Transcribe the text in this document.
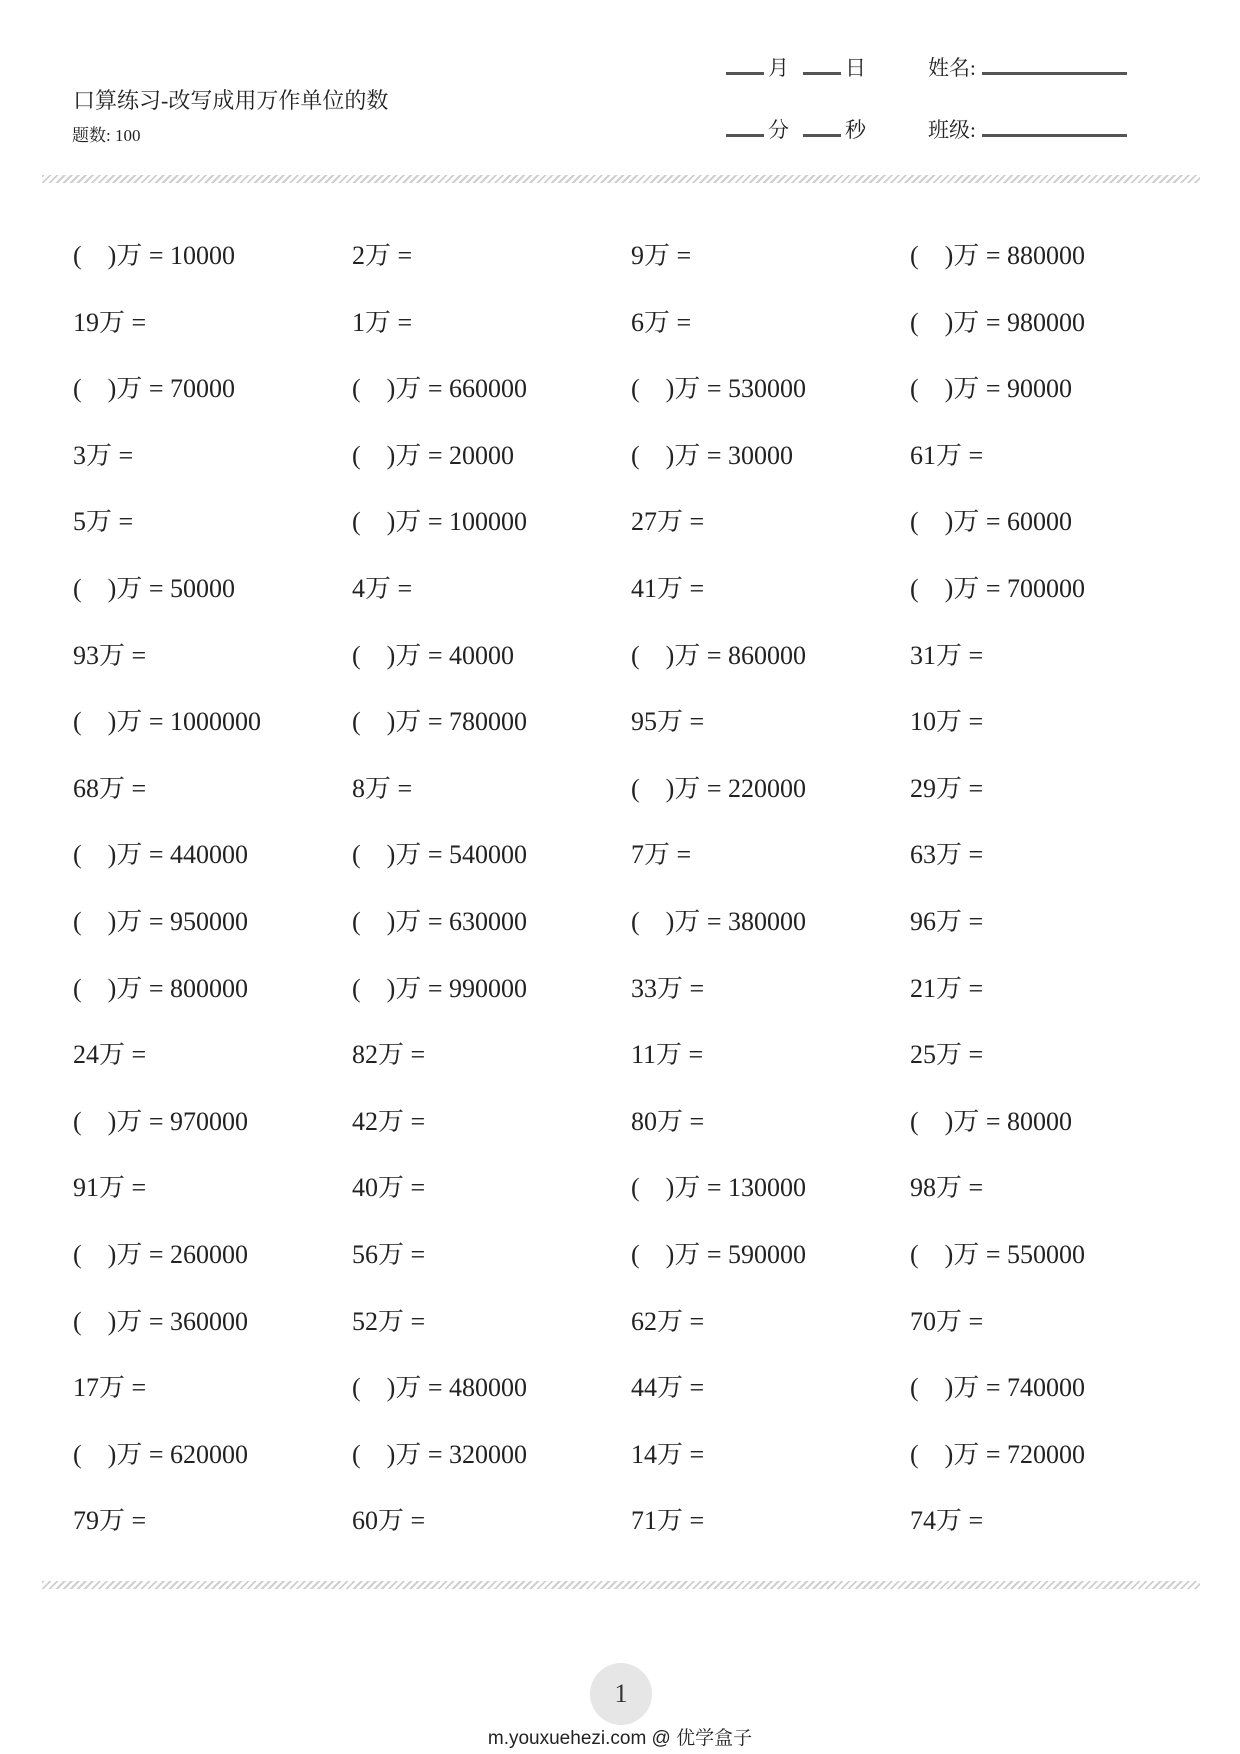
口算练习-改写成用万作单位的数
题数: 100
月	日
分	秒
姓名:
班级:
(    )万 = 10000	2万 =	9万 =	(    )万 = 880000
19万 =	1万 =	6万 =	(    )万 = 980000
(    )万 = 70000	(    )万 = 660000	(    )万 = 530000	(    )万 = 90000
3万 =	(    )万 = 20000	(    )万 = 30000	61万 =
5万 =	(    )万 = 100000	27万 =	(    )万 = 60000
(    )万 = 50000	4万 =	41万 =	(    )万 = 700000
93万 =	(    )万 = 40000	(    )万 = 860000	31万 =
(    )万 = 1000000	(    )万 = 780000	95万 =	10万 =
68万 =	8万 =	(    )万 = 220000	29万 =
(    )万 = 440000	(    )万 = 540000	7万 =	63万 =
(    )万 = 950000	(    )万 = 630000	(    )万 = 380000	96万 =
(    )万 = 800000	(    )万 = 990000	33万 =	21万 =
24万 =	82万 =	11万 =	25万 =
(    )万 = 970000	42万 =	80万 =	(    )万 = 80000
91万 =	40万 =	(    )万 = 130000	98万 =
(    )万 = 260000	56万 =	(    )万 = 590000	(    )万 = 550000
(    )万 = 360000	52万 =	62万 =	70万 =
17万 =	(    )万 = 480000	44万 =	(    )万 = 740000
(    )万 = 620000	(    )万 = 320000	14万 =	(    )万 = 720000
79万 =	60万 =	71万 =	74万 =
1
m.youxuehezi.com @ 优学盒子
